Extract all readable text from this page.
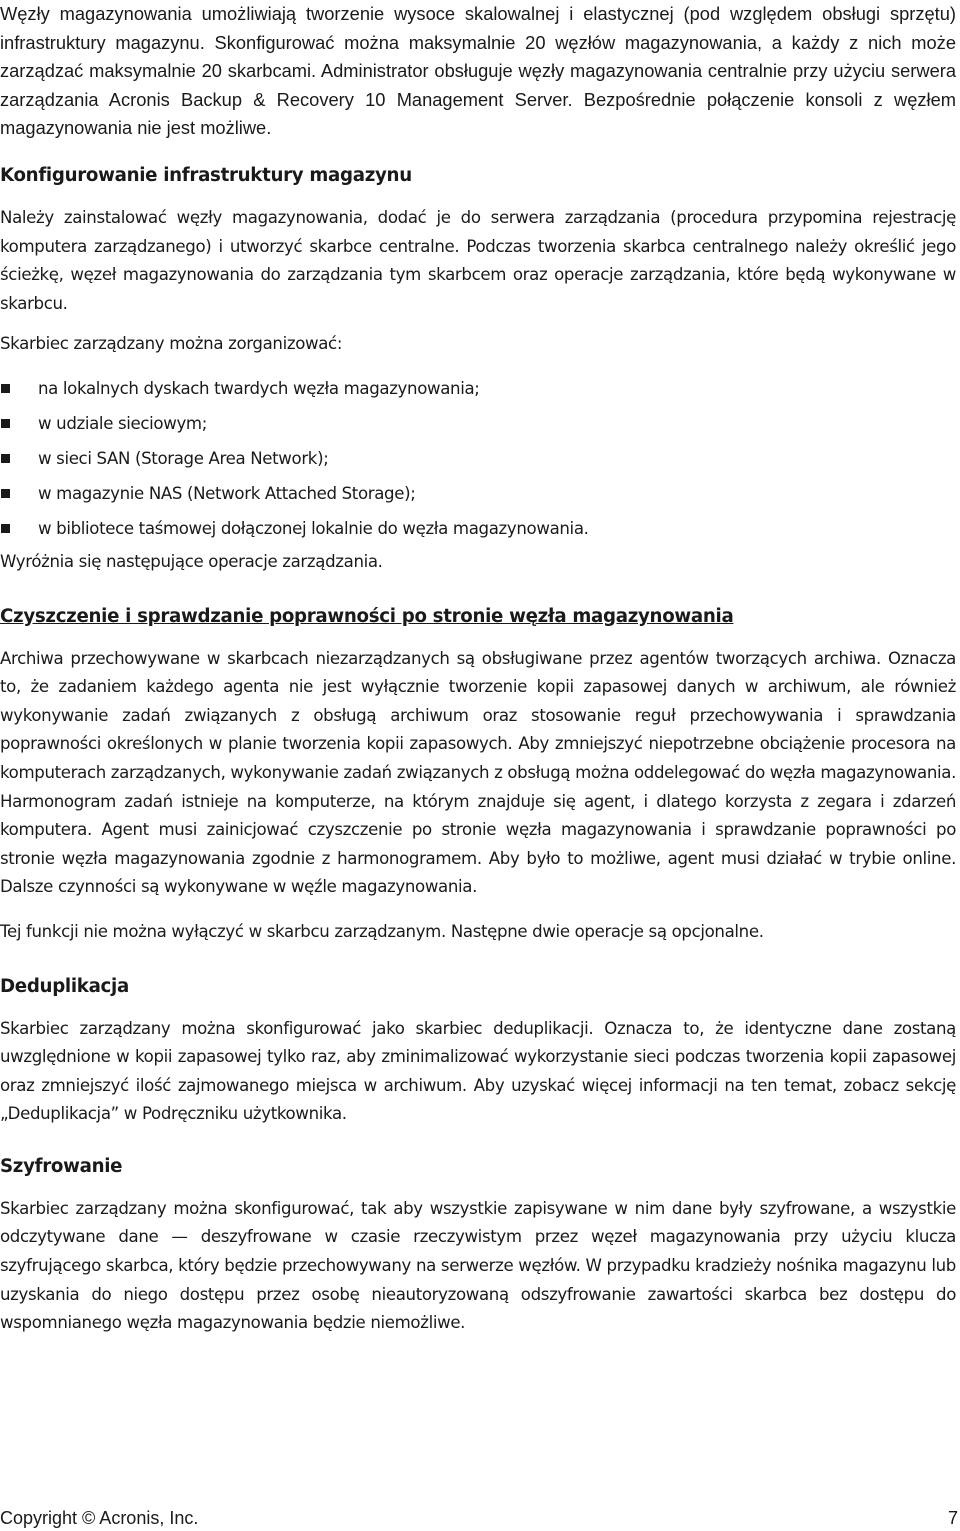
Węzły magazynowania umożliwiają tworzenie wysoce skalowalnej i elastycznej (pod względem obsługi sprzętu) infrastruktury magazynu. Skonfigurować można maksymalnie 20 węzłów magazynowania, a każdy z nich może zarządzać maksymalnie 20 skarbcami. Administrator obsługuje węzły magazynowania centralnie przy użyciu serwera zarządzania Acronis Backup & Recovery 10 Management Server. Bezpośrednie połączenie konsoli z węzłem magazynowania nie jest możliwe.

Konfigurowanie infrastruktury magazynu

Należy zainstalować węzły magazynowania, dodać je do serwera zarządzania (procedura przypomina rejestrację komputera zarządzanego) i utworzyć skarbce centralne. Podczas tworzenia skarbca centralnego należy określić jego ścieżkę, węzeł magazynowania do zarządzania tym skarbcem oraz operacje zarządzania, które będą wykonywane w skarbcu.

Skarbiec zarządzany można zorganizować:

na lokalnych dyskach twardych węzła magazynowania;
w udziale sieciowym;
w sieci SAN (Storage Area Network);
w magazynie NAS (Network Attached Storage);
w bibliotece taśmowej dołączonej lokalnie do węzła magazynowania.

Wyróżnia się następujące operacje zarządzania.

Czyszczenie i sprawdzanie poprawności po stronie węzła magazynowania

Archiwa przechowywane w skarbcach niezarządzanych są obsługiwane przez agentów tworzących archiwa. Oznacza to, że zadaniem każdego agenta nie jest wyłącznie tworzenie kopii zapasowej danych w archiwum, ale również wykonywanie zadań związanych z obsługą archiwum oraz stosowanie reguł przechowywania i sprawdzania poprawności określonych w planie tworzenia kopii zapasowych. Aby zmniejszyć niepotrzebne obciążenie procesora na komputerach zarządzanych, wykonywanie zadań związanych z obsługą można oddelegować do węzła magazynowania. Harmonogram zadań istnieje na komputerze, na którym znajduje się agent, i dlatego korzysta z zegara i zdarzeń komputera. Agent musi zainicjować czyszczenie po stronie węzła magazynowania i sprawdzanie poprawności po stronie węzła magazynowania zgodnie z harmonogramem. Aby było to możliwe, agent musi działać w trybie online. Dalsze czynności są wykonywane w węźle magazynowania.

Tej funkcji nie można wyłączyć w skarbcu zarządzanym. Następne dwie operacje są opcjonalne.

Deduplikacja

Skarbiec zarządzany można skonfigurować jako skarbiec deduplikacji. Oznacza to, że identyczne dane zostaną uwzględnione w kopii zapasowej tylko raz, aby zminimalizować wykorzystanie sieci podczas tworzenia kopii zapasowej oraz zmniejszyć ilość zajmowanego miejsca w archiwum. Aby uzyskać więcej informacji na ten temat, zobacz sekcję „Deduplikacja” w Podręczniku użytkownika.

Szyfrowanie

Skarbiec zarządzany można skonfigurować, tak aby wszystkie zapisywane w nim dane były szyfrowane, a wszystkie odczytywane dane — deszyfrowane w czasie rzeczywistym przez węzeł magazynowania przy użyciu klucza szyfrującego skarbca, który będzie przechowywany na serwerze węzłów. W przypadku kradzieży nośnika magazynu lub uzyskania do niego dostępu przez osobę nieautoryzowaną odszyfrowanie zawartości skarbca bez dostępu do wspomnianego węzła magazynowania będzie niemożliwe.

Copyright © Acronis, Inc.	7
